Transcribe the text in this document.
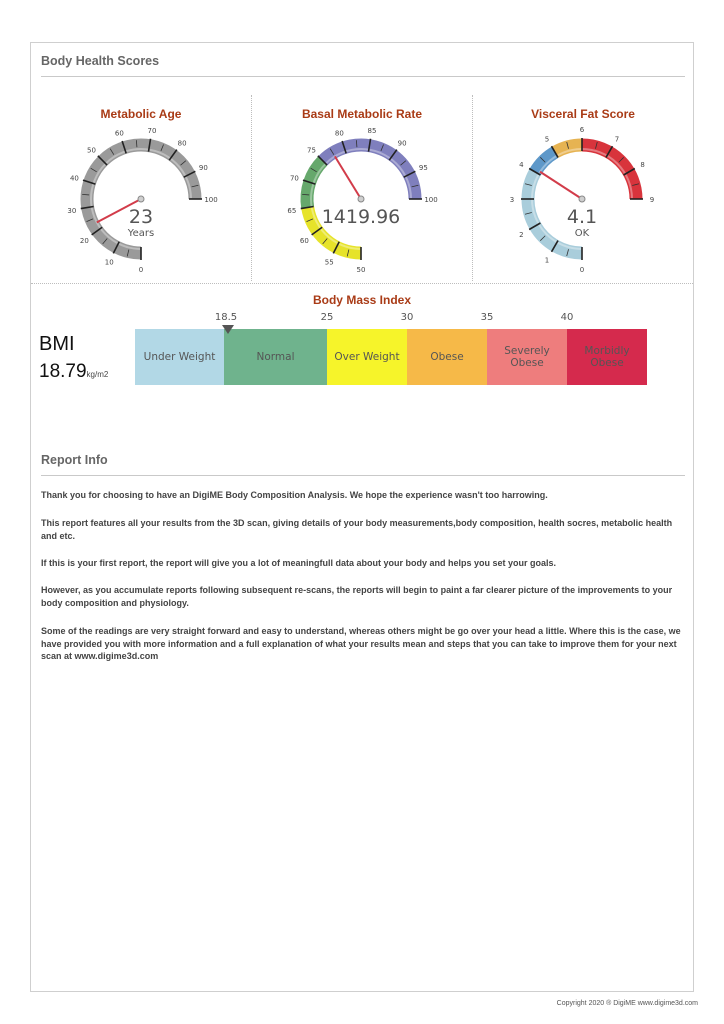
Body Health Scores
Metabolic Age
0
10
20
30
40
50
60	70
80
90
100
23
Years
Basal Metabolic Rate
50
55
60
65
70
75
80	85
90
95
100
1419.96
Visceral Fat Score
0
1
2
3
4
5
6
7
8
9
4.1
OK
Body Mass Index
BMI
18.79kg/m2
18.5	25	30	35	40
Under Weight	Normal	Over Weight	Obese	Severely Obese
Morbidly Obese
Report Info

Thank you for choosing to have an DigiME Body Composition Analysis. We hope the experience wasn't too harrowing.

This report features all your results from the 3D scan, giving details of your body measurements,body composition, health socres, metabolic health and etc.

If this is your first report, the report will give you a lot of meaningfull data about your body and helps you set your goals.

However, as you accumulate reports following subsequent re-scans, the reports will begin to paint a far clearer picture of the improvements to your body composition and physiology.

Some of the readings are very straight forward and easy to understand, whereas others might be go over your head a little. Where this is the case, we have provided you with more information and a full explanation of what your results mean and steps that you can take to improve them for your next scan at www.digime3d.com

Copyright 2020 ® DigiME www.digime3d.com
